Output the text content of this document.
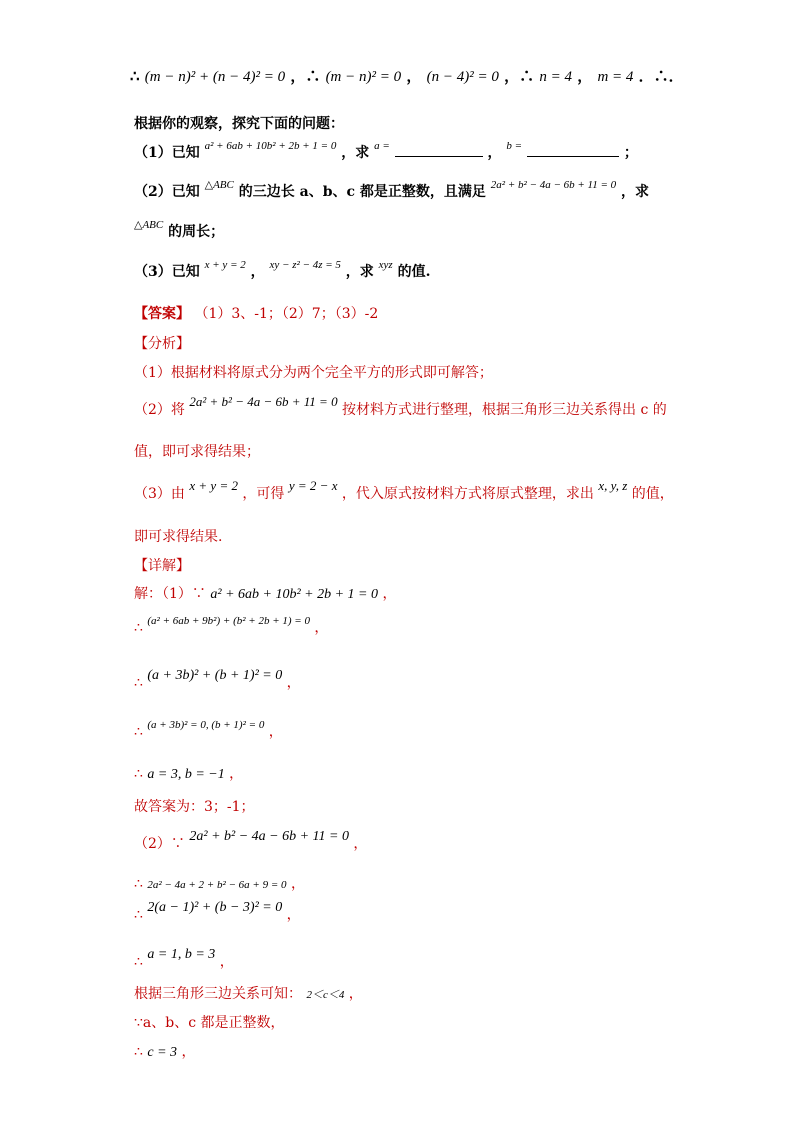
∴ (m − n)² + (n − 4)² = 0 ，∴ (m − n)² = 0 ， (n − 4)² = 0 ，∴ n = 4 ， m = 4 ．∴．
根据你的观察，探究下面的问题：
（1）已知 $^{a^2 + 6ab + 10b^2 + 2b + 1 = 0}$ ，求 $^{a =}$	， $^{b =}$	；
（2）已知 $^{\triangle ABC}$ 的三边长 a、b、c 都是正整数，且满足 $^{2a^2 + b^2 - 4a - 6b + 11 = 0}$ ，求
$^{\triangle ABC}$ 的周长；
（3）已知 $^{x + y = 2}$ ， $^{xy - z^2 - 4z = 5}$ ，求 $^{xyz}$ 的值.
【答案】 （1）3、-1；（2）7；（3）-2
【分析】
（1）根据材料将原式分为两个完全平方的形式即可解答；
（2）将 2a² + b² − 4a − 6b + 11 = 0 按材料方式进行整理，根据三角形三边关系得出 c 的
值，即可求得结果；
（3）由 x + y = 2 ，可得 y = 2 − x ，代入原式按材料方式将原式整理，求出 x, y, z 的值，
即可求得结果.
【详解】
解：（1）∵ a² + 6ab + 10b² + 2b + 1 = 0 ，
∴ $^{(a^2 + 6ab + 9b^2) + (b^2 + 2b + 1) = 0}$ ，
∴ (a + 3b)² + (b + 1)² = 0 ，
∴ $^{(a + 3b)^2 = 0, (b + 1)^2 = 0}$ ，
∴ a = 3, b = −1 ，
故答案为：3；-1；
（2）∵ 2a² + b² − 4a − 6b + 11 = 0 ，
∴ 2a² − 4a + 2 + b² − 6a + 9 = 0 ，
∴ 2(a − 1)² + (b − 3)² = 0 ，
∴ a = 1, b = 3 ，
根据三角形三边关系可知： 2＜c＜4 ，
∵a、b、c 都是正整数，
∴ c = 3 ，
